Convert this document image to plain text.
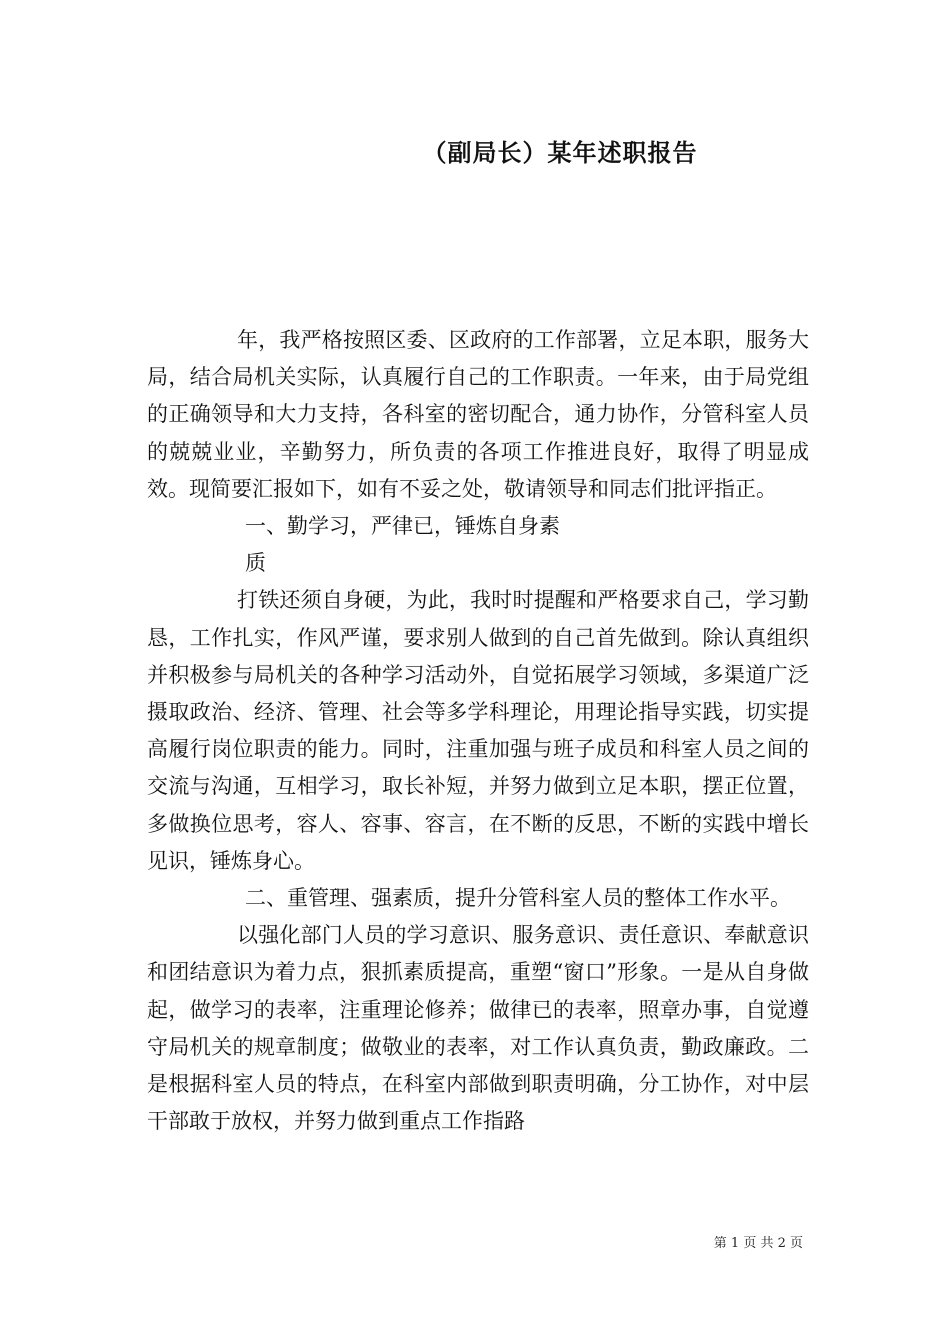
（副局长）某年述职报告

年，我严格按照区委、区政府的工作部署，立足本职，服务大局，结合局机关实际，认真履行自己的工作职责。一年来，由于局党组的正确领导和大力支持，各科室的密切配合，通力协作，分管科室人员的兢兢业业，辛勤努力，所负责的各项工作推进良好，取得了明显成效。现简要汇报如下，如有不妥之处，敬请领导和同志们批评指正。

一、勤学习，严律已，锤炼自身素质

打铁还须自身硬，为此，我时时提醒和严格要求自己，学习勤恳，工作扎实，作风严谨，要求别人做到的自己首先做到。除认真组织并积极参与局机关的各种学习活动外，自觉拓展学习领域，多渠道广泛摄取政治、经济、管理、社会等多学科理论，用理论指导实践，切实提高履行岗位职责的能力。同时，注重加强与班子成员和科室人员之间的交流与沟通，互相学习，取长补短，并努力做到立足本职，摆正位置，多做换位思考，容人、容事、容言，在不断的反思，不断的实践中增长见识，锤炼身心。

二、重管理、强素质，提升分管科室人员的整体工作水平。

以强化部门人员的学习意识、服务意识、责任意识、奉献意识和团结意识为着力点，狠抓素质提高，重塑“窗口”形象。一是从自身做起，做学习的表率，注重理论修养；做律已的表率，照章办事，自觉遵守局机关的规章制度；做敬业的表率，对工作认真负责，勤政廉政。二是根据科室人员的特点，在科室内部做到职责明确，分工协作，对中层干部敢于放权，并努力做到重点工作指路

第 1 页 共 2 页
